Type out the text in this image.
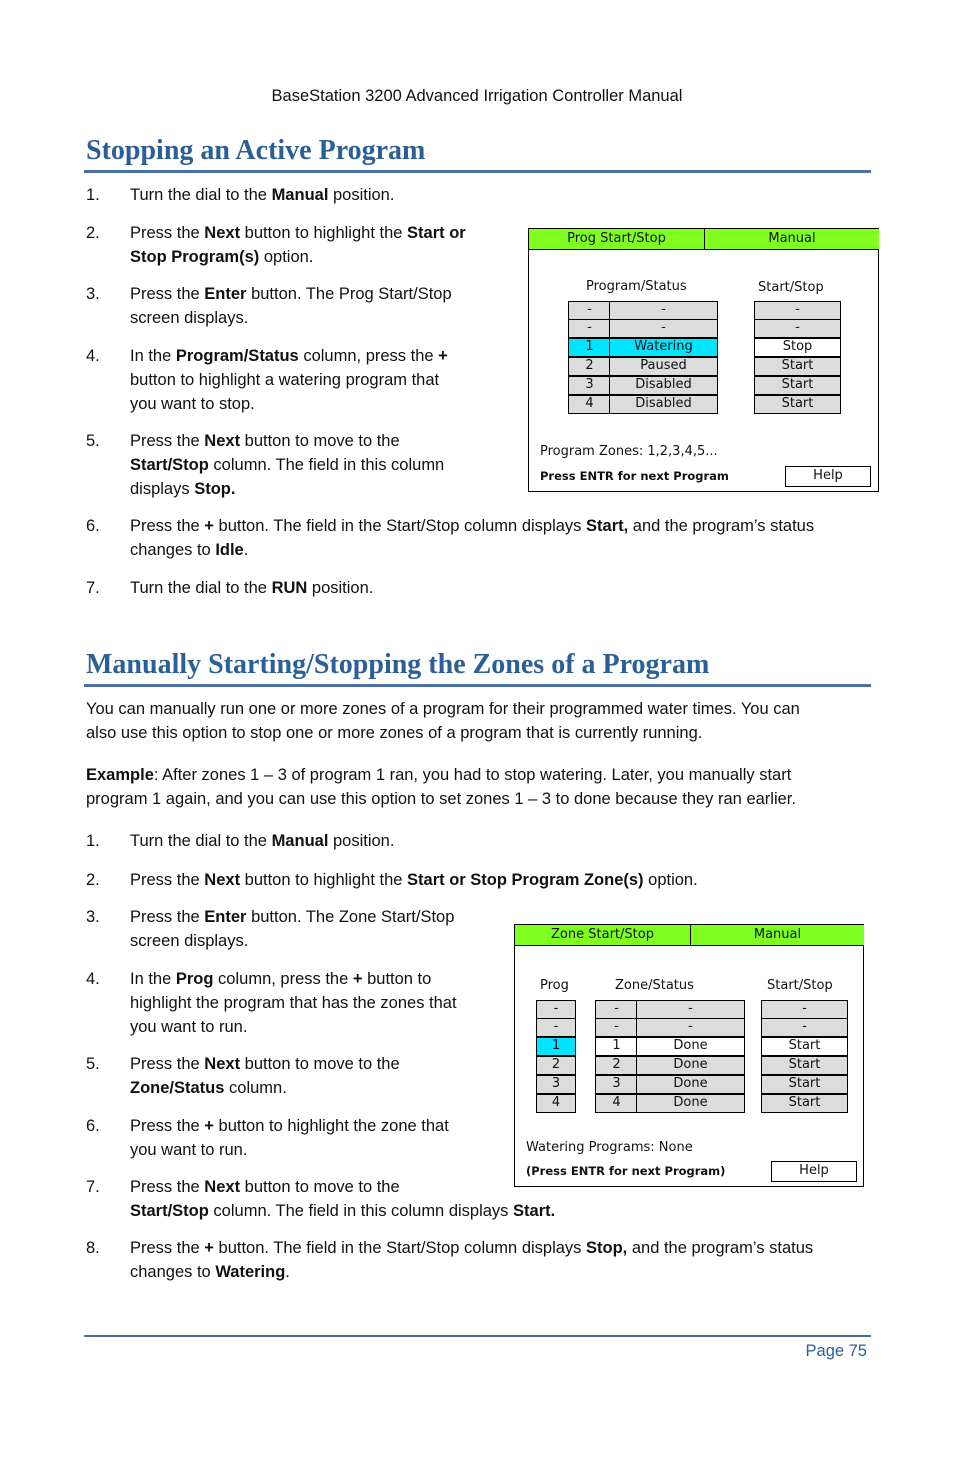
BaseStation 3200 Advanced Irrigation Controller Manual
Stopping an Active Program
1. Turn the dial to the Manual position.
2. Press the Next button to highlight the Start or
Stop Program(s) option.
3. Press the Enter button. The Prog Start/Stop
screen displays.
4. In the Program/Status column, press the +
button to highlight a watering program that
you want to stop.
5. Press the Next button to move to the
Start/Stop column. The field in this column
displays Stop.
6. Press the + button. The field in the Start/Stop column displays Start, and the program’s status
changes to Idle.
7. Turn the dial to the RUN position.
Prog Start/Stop	Manual
Program/Status	Start/Stop
-	-	-
-	-	-
1	Watering	Stop
2	Paused	Start
3	Disabled	Start
4	Disabled	Start
Program Zones: 1,2,3,4,5...
Press ENTR for next Program	Help
Manually Starting/Stopping the Zones of a Program
You can manually run one or more zones of a program for their programmed water times. You can
also use this option to stop one or more zones of a program that is currently running.
Example: After zones 1 – 3 of program 1 ran, you had to stop watering. Later, you manually start
program 1 again, and you can use this option to set zones 1 – 3 to done because they ran earlier.
1. Turn the dial to the Manual position.
2. Press the Next button to highlight the Start or Stop Program Zone(s) option.
3. Press the Enter button. The Zone Start/Stop
screen displays.
4. In the Prog column, press the + button to
highlight the program that has the zones that
you want to run.
5. Press the Next button to move to the
Zone/Status column.
6. Press the + button to highlight the zone that
you want to run.
7. Press the Next button to move to the
Start/Stop column. The field in this column displays Start.
8. Press the + button. The field in the Start/Stop column displays Stop, and the program’s status
changes to Watering.
Zone Start/Stop	Manual
Prog	Zone/Status	Start/Stop
-	-	-	-
-	-	-	-
1	1	Done	Start
2	2	Done	Start
3	3	Done	Start
4	4	Done	Start
Watering Programs: None
(Press ENTR for next Program)	Help
Page 75
